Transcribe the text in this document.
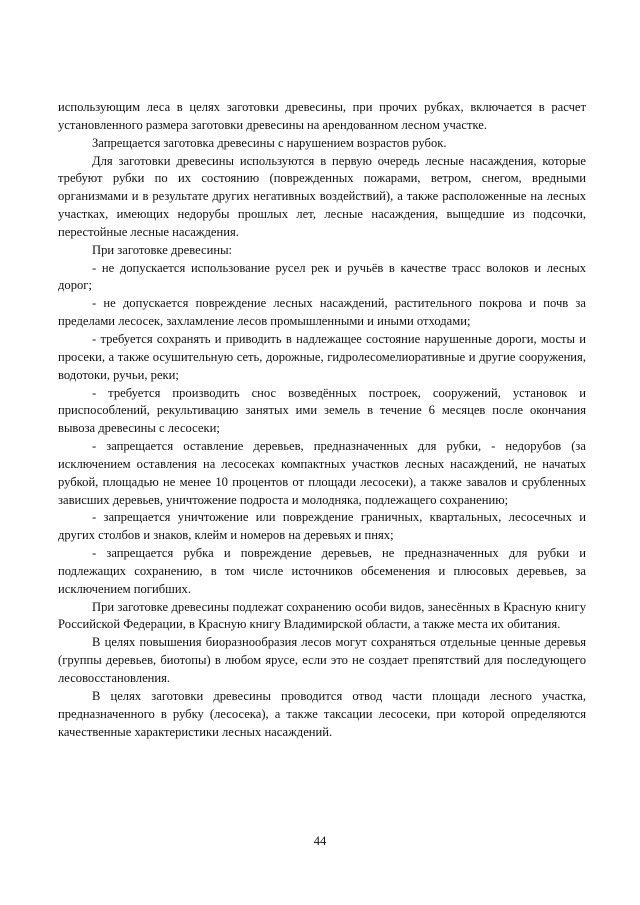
использующим леса в целях заготовки древесины, при прочих рубках, включается в расчет установленного размера заготовки древесины на арендованном лесном участке.

Запрещается заготовка древесины с нарушением возрастов рубок.

Для заготовки древесины используются в первую очередь лесные насаждения, которые требуют рубки по их состоянию (поврежденных пожарами, ветром, снегом, вредными организмами и в результате других негативных воздействий), а также расположенные на лесных участках, имеющих недорубы прошлых лет, лесные насаждения, выщедшие из подсочки, перестойные лесные насаждения.

При заготовке древесины:

- не допускается использование русел рек и ручьёв в качестве трасс волоков и лесных дорог;

- не допускается повреждение лесных насаждений, растительного покрова и почв за пределами лесосек, захламление лесов промышленными и иными отходами;

- требуется сохранять и приводить в надлежащее состояние нарушенные дороги, мосты и просеки, а также осушительную сеть, дорожные, гидролесомелиоративные и другие сооружения, водотоки, ручьи, реки;

- требуется производить снос возведённых построек, сооружений, установок и приспособлений, рекультивацию занятых ими земель в течение 6 месяцев после окончания вывоза древесины с лесосеки;

- запрещается оставление деревьев, предназначенных для рубки, - недорубов (за исключением оставления на лесосеках компактных участков лесных насаждений, не начатых рубкой, площадью не менее 10 процентов от площади лесосеки), а также завалов и срубленных зависших деревьев, уничтожение подроста и молодняка, подлежащего сохранению;

- запрещается уничтожение или повреждение граничных, квартальных, лесосечных и других столбов и знаков, клейм и номеров на деревьях и пнях;

- запрещается рубка и повреждение деревьев, не предназначенных для рубки и подлежащих сохранению, в том числе источников обсеменения и плюсовых деревьев, за исключением погибших.

При заготовке древесины подлежат сохранению особи видов, занесённых в Красную книгу Российской Федерации, в Красную книгу Владимирской области, а также места их обитания.

В целях повышения биоразнообразия лесов могут сохраняться отдельные ценные деревья (группы деревьев, биотопы) в любом ярусе, если это не создает препятствий для последующего лесовосстановления.

В целях заготовки древесины проводится отвод части площади лесного участка, предназначенного в рубку (лесосека), а также таксации лесосеки, при которой определяются качественные характеристики лесных насаждений.

44
